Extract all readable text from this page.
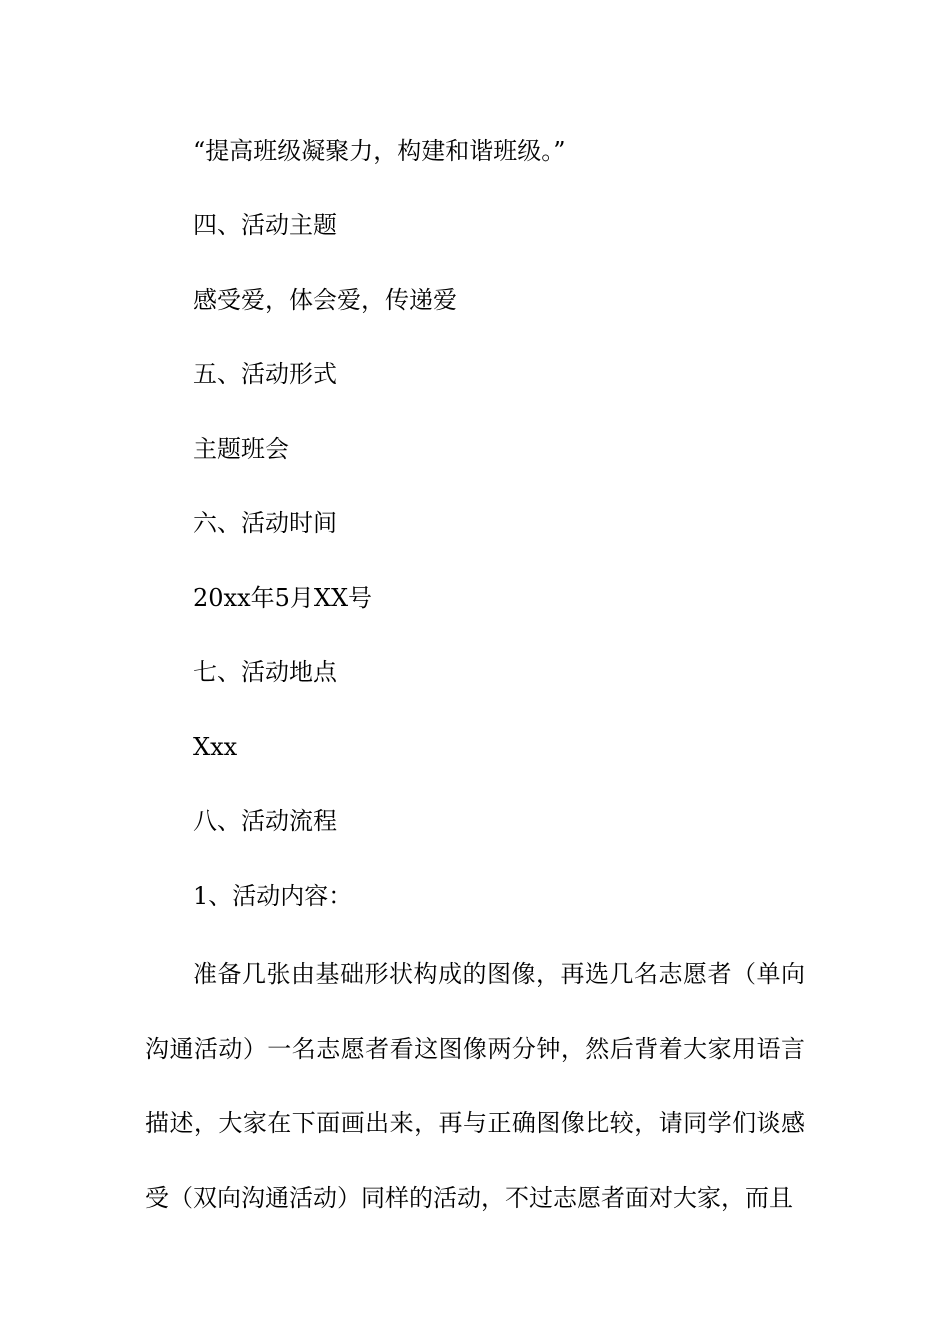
“提高班级凝聚力，构建和谐班级。”
四、活动主题
感受爱，体会爱，传递爱
五、活动形式
主题班会
六、活动时间
20xx年5月XX号
七、活动地点
Xxx
八、活动流程
1、活动内容：
准备几张由基础形状构成的图像，再选几名志愿者（单向沟通活动）一名志愿者看这图像两分钟，然后背着大家用语言描述，大家在下面画出来，再与正确图像比较，请同学们谈感受（双向沟通活动）同样的活动，不过志愿者面对大家，而且
